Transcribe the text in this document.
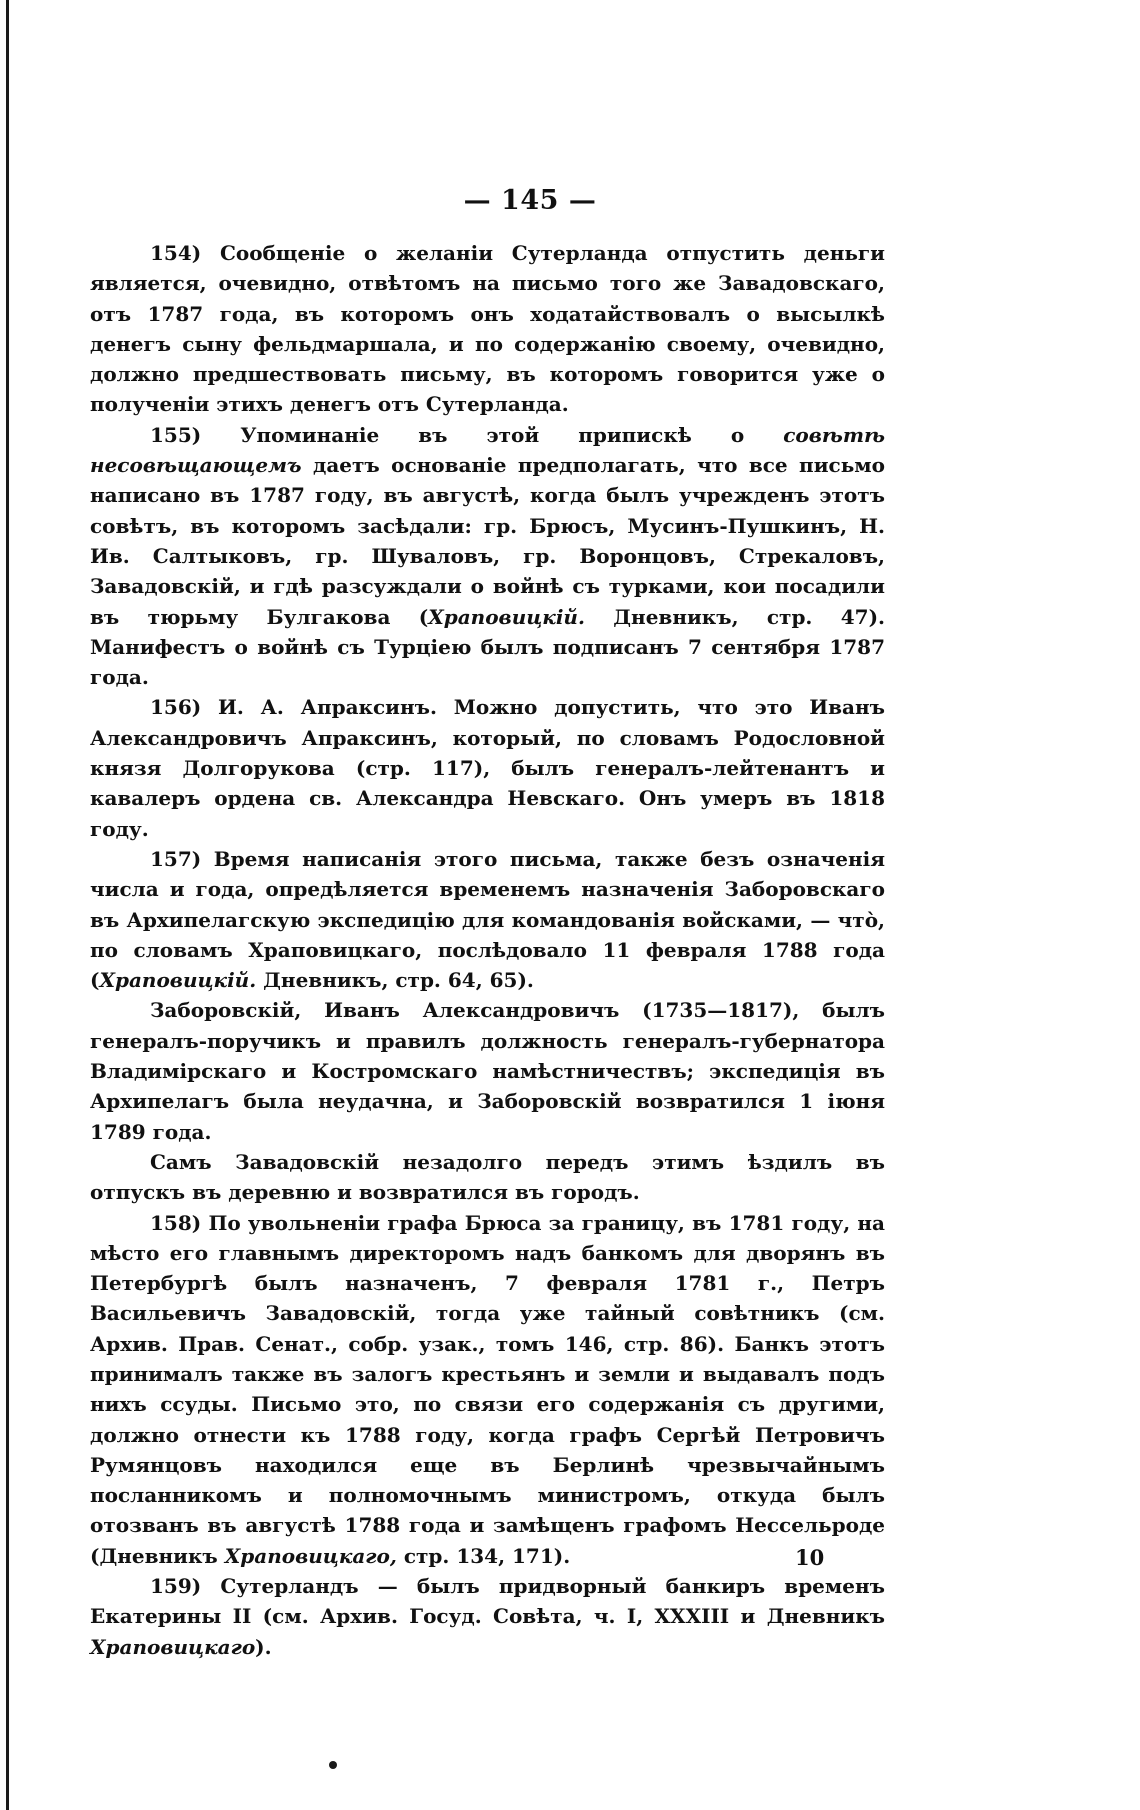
— 145 —

154) Сообщеніе о желаніи Сутерланда отпустить деньги является, очевидно, отвѣтомъ на письмо того же Завадовскаго, отъ 1787 года, въ которомъ онъ ходатайствовалъ о высылкѣ денегъ сыну фельдмаршала, и по содержанію своему, очевидно, должно предшествовать письму, въ которомъ говорится уже о полученіи этихъ денегъ отъ Сутерланда.

155) Упоминаніе въ этой припискѣ о совѣтѣ несовѣщающемъ даетъ основаніе предполагать, что все письмо написано въ 1787 году, въ августѣ, когда былъ учрежденъ этотъ совѣтъ, въ которомъ засѣдали: гр. Брюсъ, Мусинъ-Пушкинъ, Н. Ив. Салтыковъ, гр. Шуваловъ, гр. Воронцовъ, Стрекаловъ, Завадовскій, и гдѣ разсуждали о войнѣ съ турками, кои посадили въ тюрьму Булгакова (Храповицкій. Дневникъ, стр. 47). Манифестъ о войнѣ съ Турціею былъ подписанъ 7 сентября 1787 года.

156) И. А. Апраксинъ. Можно допустить, что это Иванъ Александровичъ Апраксинъ, который, по словамъ Родословной князя Долгорукова (стр. 117), былъ генералъ-лейтенантъ и кавалеръ ордена св. Александра Невскаго. Онъ умеръ въ 1818 году.

157) Время написанія этого письма, также безъ означенія числа и года, опредѣляется временемъ назначенія Заборовскаго въ Архипелагскую экспедицію для командованія войсками, — что̀, по словамъ Храповицкаго, послѣдовало 11 февраля 1788 года (Храповицкій. Дневникъ, стр. 64, 65).

Заборовскій, Иванъ Александровичъ (1735—1817), былъ генералъ-поручикъ и правилъ должность генералъ-губернатора Владимірскаго и Костромскаго намѣстничествъ; экспедиція въ Архипелагъ была неудачна, и Заборовскій возвратился 1 іюня 1789 года.

Самъ Завадовскій незадолго передъ этимъ ѣздилъ въ отпускъ въ деревню и возвратился въ городъ.

158) По увольненіи графа Брюса за границу, въ 1781 году, на мѣсто его главнымъ директоромъ надъ банкомъ для дворянъ въ Петербургѣ былъ назначенъ, 7 февраля 1781 г., Петръ Васильевичъ Завадовскій, тогда уже тайный совѣтникъ (см. Архив. Прав. Сенат., собр. узак., томъ 146, стр. 86). Банкъ этотъ принималъ также въ залогъ крестьянъ и земли и выдавалъ подъ нихъ ссуды. Письмо это, по связи его содержанія съ другими, должно отнести къ 1788 году, когда графъ Сергѣй Петровичъ Румянцовъ находился еще въ Берлинѣ чрезвычайнымъ посланникомъ и полномочнымъ министромъ, откуда былъ отозванъ въ августѣ 1788 года и замѣщенъ графомъ Нессельроде (Дневникъ Храповицкаго, стр. 134, 171).

159) Сутерландъ — былъ придворный банкиръ временъ Екатерины II (см. Архив. Госуд. Совѣта, ч. I, XXXIII и Дневникъ Храповицкаго).

10
